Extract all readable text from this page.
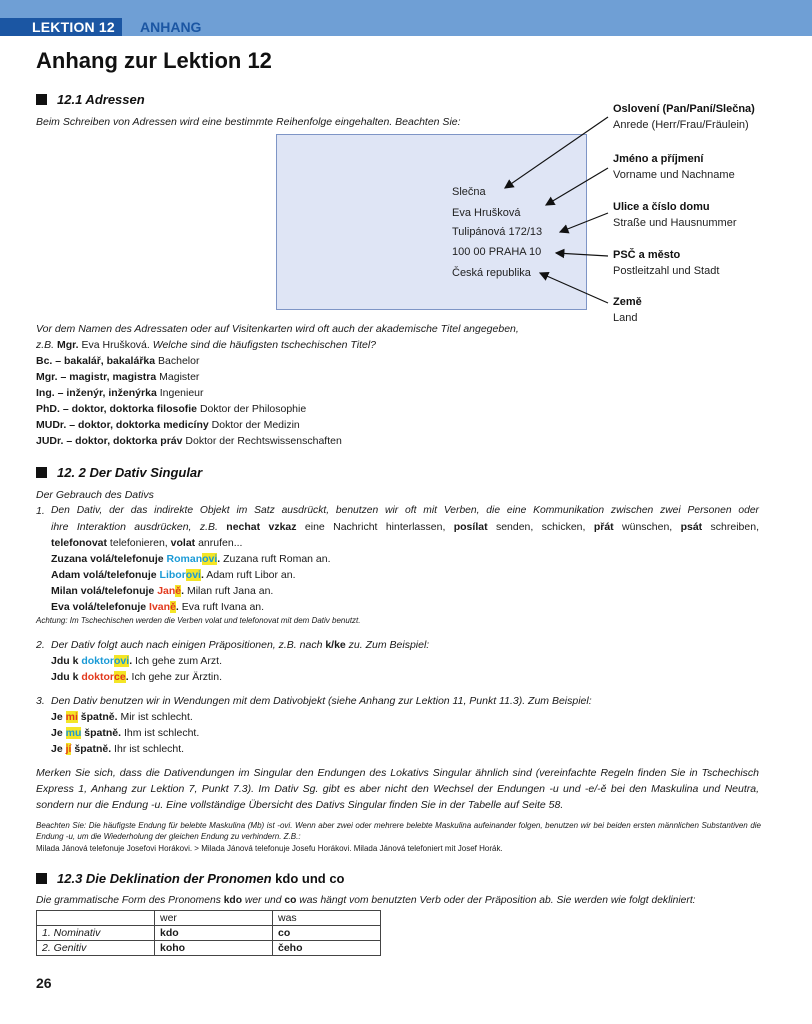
LEKTION 12 ANHANG
Anhang zur Lektion 12
12.1 Adressen
Beim Schreiben von Adressen wird eine bestimmte Reihenfolge eingehalten. Beachten Sie:
Slečna
Eva Hrušková
Tulipánová 172/13
100 00 PRAHA 10
Česká republika
Oslovení (Pan/Paní/Slečna)
Anrede (Herr/Frau/Fräulein)
Jméno a příjmení
Vorname und Nachname
Ulice a číslo domu
Straße und Hausnummer
PSČ a město
Postleitzahl und Stadt
Země
Land
Vor dem Namen des Adressaten oder auf Visitenkarten wird oft auch der akademische Titel angegeben,
z.B. Mgr. Eva Hrušková. Welche sind die häufigsten tschechischen Titel?
Bc. – bakalář, bakalářka Bachelor
Mgr. – magistr, magistra Magister
Ing. – inženýr, inženýrka Ingenieur
PhD. – doktor, doktorka filosofie Doktor der Philosophie
MUDr. – doktor, doktorka medicíny Doktor der Medizin
JUDr. – doktor, doktorka práv Doktor der Rechtswissenschaften
12. 2 Der Dativ Singular
Der Gebrauch des Dativs
1. Den Dativ, der das indirekte Objekt im Satz ausdrückt, benutzen wir oft mit Verben, die eine Kommunikation zwischen zwei Personen oder
ihre Interaktion ausdrücken, z.B. nechat vzkaz eine Nachricht hinterlassen, posílat senden, schicken, přát wünschen, psát schreiben,
telefonovat telefonieren, volat anrufen...
Zuzana volá/telefonuje Romanovi. Zuzana ruft Roman an.
Adam volá/telefonuje Liborovi. Adam ruft Libor an.
Milan volá/telefonuje Janě. Milan ruft Jana an.
Eva volá/telefonuje Ivaně. Eva ruft Ivana an.
Achtung: Im Tschechischen werden die Verben volat und telefonovat mit dem Dativ benutzt.
2. Der Dativ folgt auch nach einigen Präpositionen, z.B. nach k/ke zu. Zum Beispiel:
Jdu k doktorovi. Ich gehe zum Arzt.
Jdu k doktorce. Ich gehe zur Ärztin.
3. Den Dativ benutzen wir in Wendungen mit dem Dativobjekt (siehe Anhang zur Lektion 11, Punkt 11.3). Zum Beispiel:
Je mi špatně. Mir ist schlecht.
Je mu špatně. Ihm ist schlecht.
Je jí špatně. Ihr ist schlecht.
Merken Sie sich, dass die Dativendungen im Singular den Endungen des Lokativs Singular ähnlich sind (vereinfachte Regeln finden Sie in Tschechisch Express 1, Anhang zur Lektion 7, Punkt 7.3). Im Dativ Sg. gibt es aber nicht den Wechsel der Endungen -u und -e/-ě bei den Maskulina und Neutra, sondern nur die Endung -u. Eine vollständige Übersicht des Dativs Singular finden Sie in der Tabelle auf Seite 58.
Beachten Sie: Die häufigste Endung für belebte Maskulina (Mb) ist -ovi. Wenn aber zwei oder mehrere belebte Maskulina aufeinander folgen, benutzen wir bei beiden ersten männlichen Substantiven die Endung -u, um die Wiederholung der gleichen Endung zu verhindern. Z.B.:
Milada Jánová telefonuje Josefovi Horákovi. > Milada Jánová telefonuje Josefu Horákovi. Milada Jánová telefoniert mit Josef Horák.
12.3 Die Deklination der Pronomen kdo und co
Die grammatische Form des Pronomens kdo wer und co was hängt vom benutzten Verb oder der Präposition ab. Sie werden wie folgt dekliniert:
	wer	was
1. Nominativ	kdo	co
2. Genitiv	koho	čeho
26
